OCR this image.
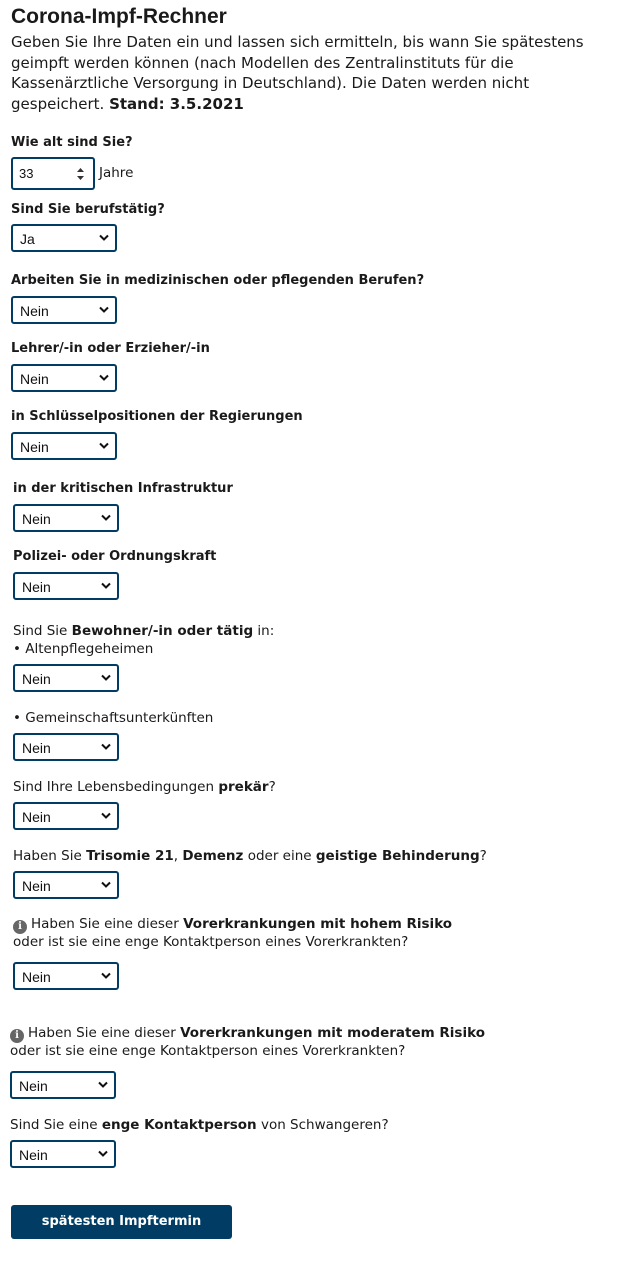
Corona-Impf-Rechner

Geben Sie Ihre Daten ein und lassen sich ermitteln, bis wann Sie spätestens geimpft werden können (nach Modellen des Zentralinstituts für die Kassenärztliche Versorgung in Deutschland). Die Daten werden nicht gespeichert. Stand: 3.5.2021

Wie alt sind Sie?
33	Jahre
Sind Sie berufstätig?
Ja
Arbeiten Sie in medizinischen oder pflegenden Berufen?
Nein
Lehrer/-in oder Erzieher/-in
Nein
in Schlüsselpositionen der Regierungen
Nein
in der kritischen Infrastruktur
Nein
Polizei- oder Ordnungskraft
Nein
Sind Sie Bewohner/-in oder tätig in:
• Altenpflegeheimen
Nein
• Gemeinschaftsunterkünften
Nein
Sind Ihre Lebensbedingungen prekär?
Nein
Haben Sie Trisomie 21, Demenz oder eine geistige Behinderung?
Nein
i Haben Sie eine dieser Vorerkrankungen mit hohem Risiko
oder ist sie eine enge Kontaktperson eines Vorerkrankten?
Nein
i Haben Sie eine dieser Vorerkrankungen mit moderatem Risiko
oder ist sie eine enge Kontaktperson eines Vorerkrankten?
Nein
Sind Sie eine enge Kontaktperson von Schwangeren?
Nein
spätesten Impftermin ermitteln
